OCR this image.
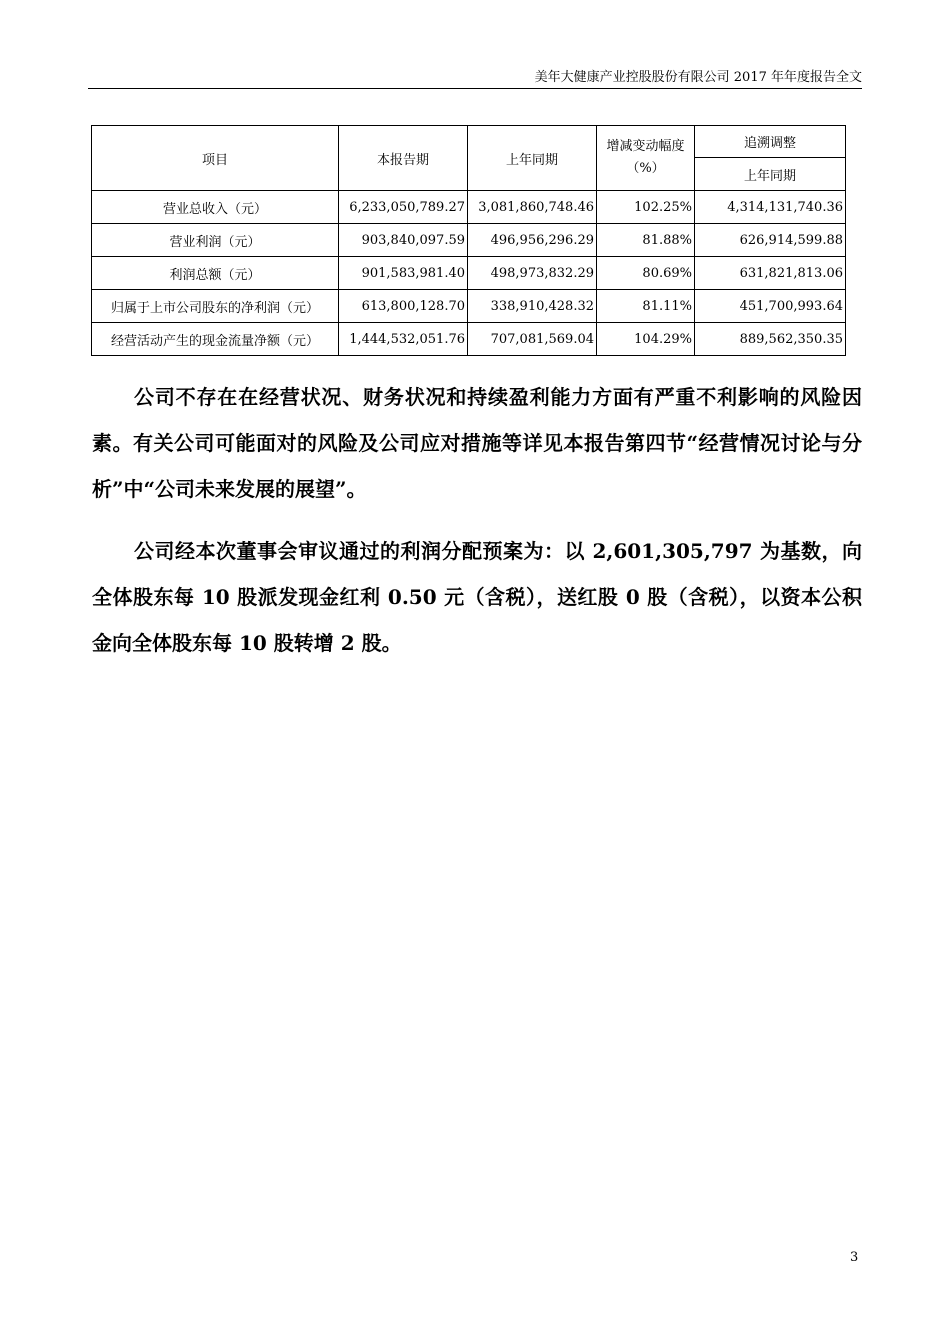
美年大健康产业控股股份有限公司 2017 年年度报告全文
项目	本报告期	上年同期	增减变动幅度（%）	追溯调整
				上年同期
营业总收入（元）	6,233,050,789.27	3,081,860,748.46	102.25%	4,314,131,740.36
营业利润（元）	903,840,097.59	496,956,296.29	81.88%	626,914,599.88
利润总额（元）	901,583,981.40	498,973,832.29	80.69%	631,821,813.06
归属于上市公司股东的净利润（元）	613,800,128.70	338,910,428.32	81.11%	451,700,993.64
经营活动产生的现金流量净额（元）	1,444,532,051.76	707,081,569.04	104.29%	889,562,350.35

公司不存在在经营状况、财务状况和持续盈利能力方面有严重不利影响的风险因素。有关公司可能面对的风险及公司应对措施等详见本报告第四节“经营情况讨论与分析”中“公司未来发展的展望”。

公司经本次董事会审议通过的利润分配预案为：以 2,601,305,797 为基数，向全体股东每 10 股派发现金红利 0.50 元（含税），送红股 0 股（含税），以资本公积金向全体股东每 10 股转增 2 股。

3
